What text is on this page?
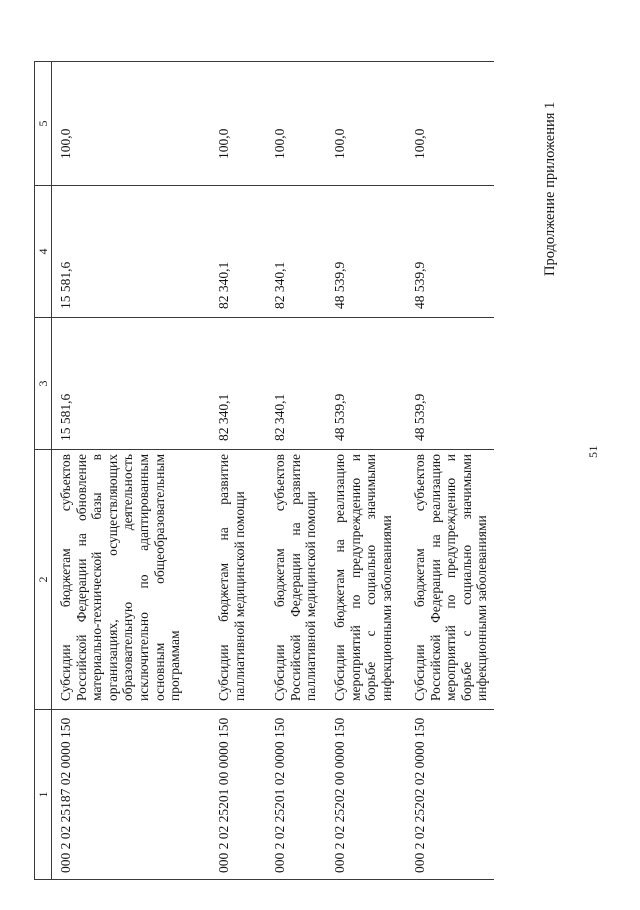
51
Продолжение приложения 1
1	2	3	4	5
000 2 02 25187 02 0000 150	Субсидии бюджетам субъектов Российской Федерации на обновление материально-технической базы в организациях, осуществляющих образовательную деятельность исключительно по адаптированным основным общеобразовательным программам	15 581,6	15 581,6	100,0
000 2 02 25201 00 0000 150	Субсидии бюджетам на развитие паллиативной медицинской помощи	82 340,1	82 340,1	100,0
000 2 02 25201 02 0000 150	Субсидии бюджетам субъектов Российской Федерации на развитие паллиативной медицинской помощи	82 340,1	82 340,1	100,0
000 2 02 25202 00 0000 150	Субсидии бюджетам на реализацию мероприятий по предупреждению и борьбе с социально значимыми инфекционными заболеваниями	48 539,9	48 539,9	100,0
000 2 02 25202 02 0000 150	Субсидии бюджетам субъектов Российской Федерации на реализацию мероприятий по предупреждению и борьбе с социально значимыми инфекционными заболеваниями	48 539,9	48 539,9	100,0
